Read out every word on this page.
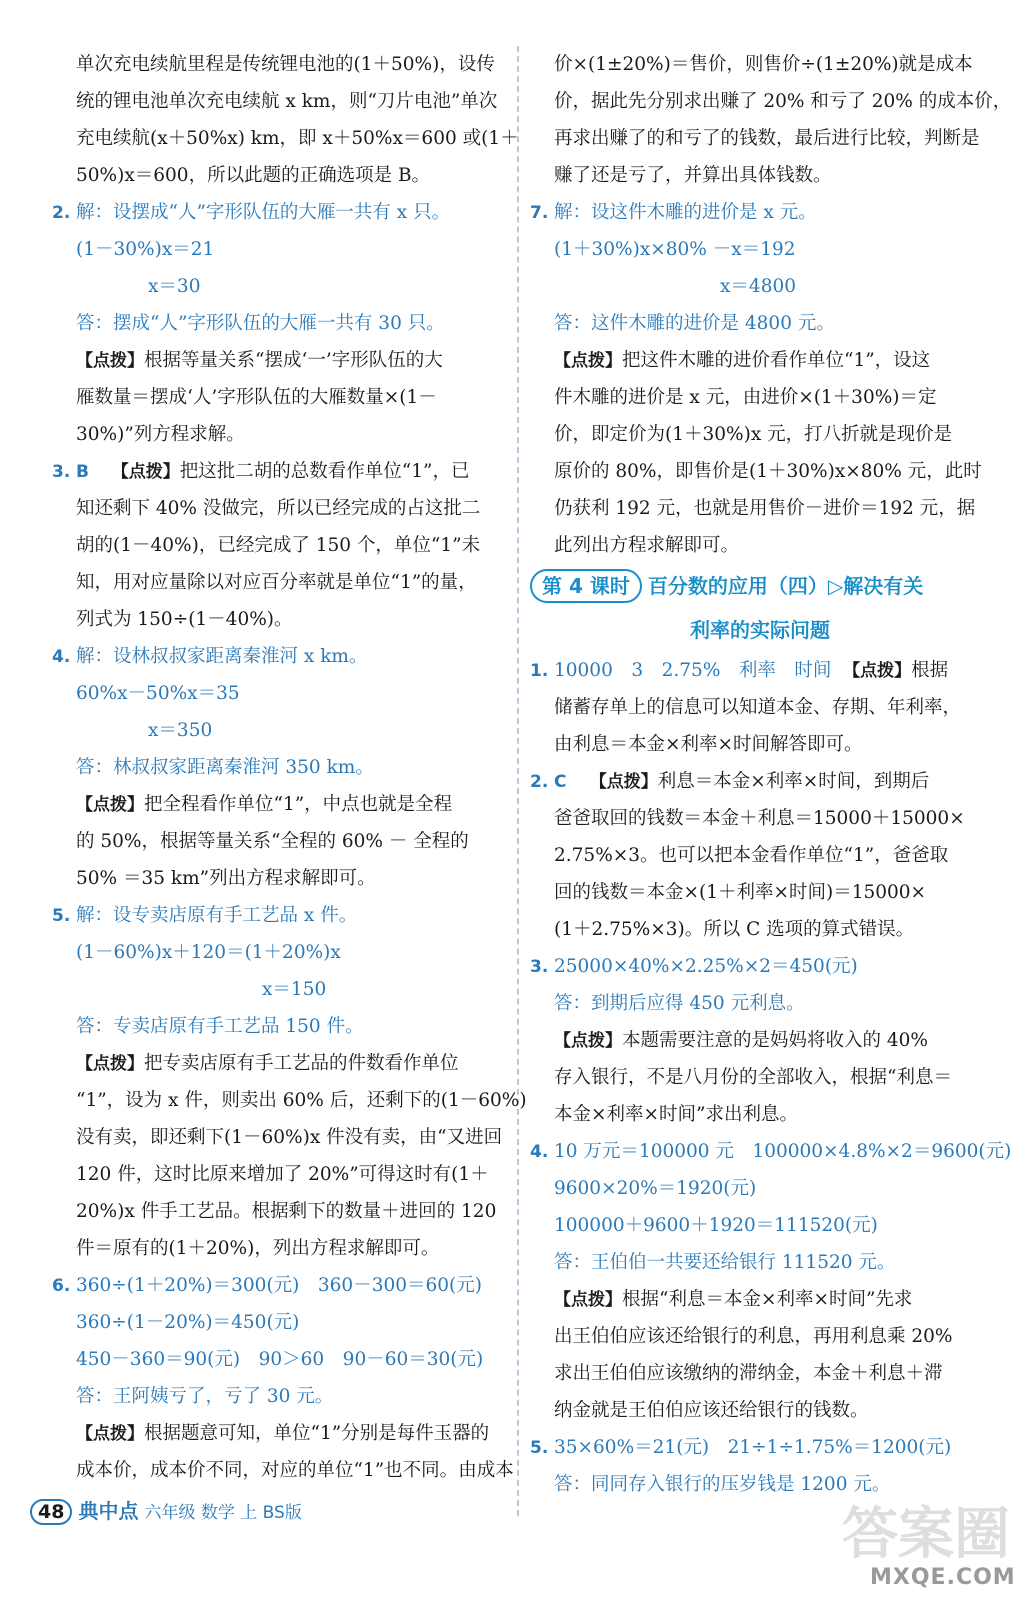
单次充电续航里程是传统锂电池的(1＋50%)，设传
统的锂电池单次充电续航 x km，则“刀片电池”单次
充电续航(x＋50%x) km，即 x＋50%x＝600 或(1＋
50%)x＝600，所以此题的正确选项是 B。
2. 解：设摆成“人”字形队伍的大雁一共有 x 只。
(1－30%)x＝21
x＝30
答：摆成“人”字形队伍的大雁一共有 30 只。
【点拨】根据等量关系“摆成‘一’字形队伍的大
雁数量＝摆成‘人’字形队伍的大雁数量×(1－
30%)”列方程求解。
3. B 【点拨】把这批二胡的总数看作单位“1”，已
知还剩下 40% 没做完，所以已经完成的占这批二
胡的(1－40%)，已经完成了 150 个，单位“1”未
知，用对应量除以对应百分率就是单位“1”的量，
列式为 150÷(1－40%)。
4. 解：设林叔叔家距离秦淮河 x km。
60%x－50%x＝35
x＝350
答：林叔叔家距离秦淮河 350 km。
【点拨】把全程看作单位“1”，中点也就是全程
的 50%，根据等量关系“全程的 60% － 全程的
50% ＝35 km”列出方程求解即可。
5. 解：设专卖店原有手工艺品 x 件。
(1－60%)x＋120＝(1＋20%)x
x＝150
答：专卖店原有手工艺品 150 件。
【点拨】把专卖店原有手工艺品的件数看作单位
“1”，设为 x 件，则卖出 60% 后，还剩下的(1－60%)
没有卖，即还剩下(1－60%)x 件没有卖，由“又进回
120 件，这时比原来增加了 20%”可得这时有(1＋
20%)x 件手工艺品。根据剩下的数量＋进回的 120
件＝原有的(1＋20%)，列出方程求解即可。
6. 360÷(1＋20%)＝300(元)　360－300＝60(元)
360÷(1－20%)＝450(元)
450－360＝90(元)　90＞60　90－60＝30(元)
答：王阿姨亏了，亏了 30 元。
【点拨】根据题意可知，单位“1”分别是每件玉器的
成本价，成本价不同，对应的单位“1”也不同。由成本
价×(1±20%)＝售价，则售价÷(1±20%)就是成本
价，据此先分别求出赚了 20% 和亏了 20% 的成本价，
再求出赚了的和亏了的钱数，最后进行比较，判断是
赚了还是亏了，并算出具体钱数。
7. 解：设这件木雕的进价是 x 元。
(1＋30%)x×80% －x＝192
x＝4800
答：这件木雕的进价是 4800 元。
【点拨】把这件木雕的进价看作单位“1”，设这
件木雕的进价是 x 元，由进价×(1＋30%)＝定
价，即定价为(1＋30%)x 元，打八折就是现价是
原价的 80%，即售价是(1＋30%)x×80% 元，此时
仍获利 192 元，也就是用售价－进价＝192 元，据
此列出方程求解即可。
第 4 课时 百分数的应用（四）▷解决有关
利率的实际问题
1. 10000　3　2.75%　利率　时间 【点拨】根据
储蓄存单上的信息可以知道本金、存期、年利率，
由利息＝本金×利率×时间解答即可。
2. C 【点拨】利息＝本金×利率×时间，到期后
爸爸取回的钱数＝本金＋利息＝15000＋15000×
2.75%×3。也可以把本金看作单位“1”，爸爸取
回的钱数＝本金×(1＋利率×时间)＝15000×
(1＋2.75%×3)。所以 C 选项的算式错误。
3. 25000×40%×2.25%×2＝450(元)
答：到期后应得 450 元利息。
【点拨】本题需要注意的是妈妈将收入的 40%
存入银行，不是八月份的全部收入，根据“利息＝
本金×利率×时间”求出利息。
4. 10 万元＝100000 元　100000×4.8%×2＝9600(元)
9600×20%＝1920(元)
100000＋9600＋1920＝111520(元)
答：王伯伯一共要还给银行 111520 元。
【点拨】根据“利息＝本金×利率×时间”先求
出王伯伯应该还给银行的利息，再用利息乘 20%
求出王伯伯应该缴纳的滞纳金，本金＋利息＋滞
纳金就是王伯伯应该还给银行的钱数。
5. 35×60%＝21(元)　21÷1÷1.75%＝1200(元)
答：同同存入银行的压岁钱是 1200 元。
48 典中点 六年级 数学 上 BS版	答案圈
MXQE.COM
